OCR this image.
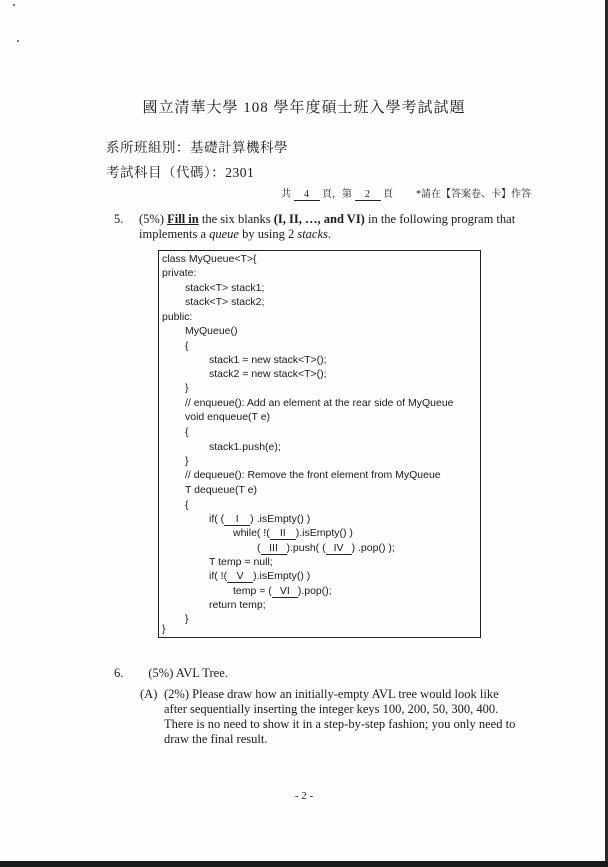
國立清華大學 108 學年度碩士班入學考試試題
系所班組別：基礎計算機科學
考試科目（代碼）：2301
共 4 頁，第 2 頁 *請在【答案卷、卡】作答
5. (5%) Fill in the six blanks (I, II, …, and VI) in the following program that implements a queue by using 2 stacks.
class MyQueue<T>{
private:
stack<T> stack1;
stack<T> stack2;
public:
MyQueue()
{
stack1 = new stack<T>();
stack2 = new stack<T>();
}
// enqueue(): Add an element at the rear side of MyQueue
void enqueue(T e)
{
stack1.push(e);
}
// dequeue(): Remove the front element from MyQueue
T dequeue(T e)
{
if( ( I ) .isEmpty() )
while( !( II ).isEmpty() )
( III ).push( ( IV ) .pop() );
T temp = null;
if( !( V ).isEmpty() )
temp = ( VI ).pop();
return temp;
}
}
6. (5%) AVL Tree.
(A) (2%) Please draw how an initially-empty AVL tree would look like after sequentially inserting the integer keys 100, 200, 50, 300, 400. There is no need to show it in a step-by-step fashion; you only need to draw the final result.
- 2 -
